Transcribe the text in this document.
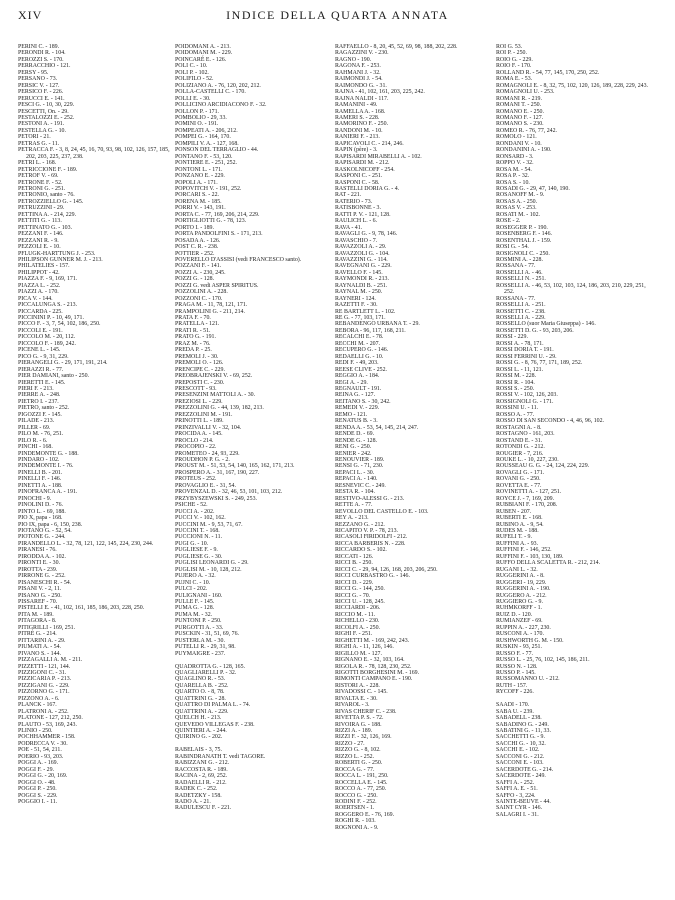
XIV	INDICE DELLA QUARTA ANNATA
PERINI C. - 189.
PERONDI R. - 104.
PEROZZI S. - 170.
PERRACCHIO - 121.
PERSY - 95.
PERSANO - 73.
PERSIC V. - 127.
PERSICO F. - 226.
PERUCCI E. - 141.
PESCI G. - 10, 30, 229.
PESCETTI, On. - 29.
PESTALOZZI E. - 252.
PESTONI A. - 191.
PESTELLA G. - 10.
PETORI - 21.
PETRAS G. - 11.
PETRACCA F. - 3, 8, 24, 45, 16, 70, 93, 98, 102, 126, 157, 185, 202, 203, 225, 237, 238.
PETRI L. - 168.
PETRICCIONE F. - 189.
PETROF V. - 69.
PETRONE F. - 52.
PETRONI G. - 251.
PETRONIO, santo - 76.
PETROZZIELLO G. - 145.
PETRUZZINI - 29.
PETTINA A. - 214, 229.
PETTITI G. - 113.
PETTINATO G. - 103.
PEZZANI F. - 146.
PEZZANI R. - 9.
PEZZOLI E. - 10.
PFLUGK-HARTTUNG J. - 253.
PHILIPSON GUNNER M. J. - 213.
PHILATELIES - 157.
PHILIPPOT - 42.
PIAZZA F. - 9, 169, 171.
PIAZZA L. - 252.
PIAZZI A. - 170.
PICA V. - 144.
PICCALUNGA S. - 213.
PICCARDA - 225.
PICCININI P. - 10, 49, 171.
PICCO F. - 3, 7, 54, 102, 186, 250.
PICCOLI E. - 191.
PICCOLO M. - 20, 112.
PICCOLO F. - 189, 242.
PICENE L. - 145.
PICO G. - 9, 31, 229.
PIERANGELI G. - 29, 171, 191, 214.
PIERAZZI R. - 77.
PIER DAMIANI, santo - 250.
PIERETTI E. - 145.
PIERI F. - 213.
PIERRE A. - 248.
PIETRO I. - 237.
PIETRO, santo - 252.
PIGOZZI F. - 145.
PILADE - 213.
PILLER - 69.
PILO M. - 76, 251.
PILO R. - 6.
PINCHI - 168.
PINDEMONTE G. - 188.
PINDARO - 102.
PINDEMONTE I. - 76.
PINELLI B. - 201.
PINELLI F. - 146.
PINETTI A. - 188.
PINOFRANCA A. - 191.
PINOCHI - 9.
PINOLINI D. - 76.
PINTO L. - 69, 188.
PIO X, papa - 168.
PIO IX, papa - 6, 150, 238.
PIOTANO G. - 52, 54.
PIOTONE G. - 244.
PIRANDELLO L. - 32, 78, 121, 122, 145, 224, 230, 244.
PIRANESI - 76.
PIRODDA A. - 102.
PIRONTI E. - 30.
PIROTTA - 239.
PIRRONE G. - 252.
PISANESCHI R. - 54.
PISANI V. - 2, 11.
PISANO G. - 250.
PISSAREF - 70.
PISTELLI E. - 41, 102, 161, 185, 186, 203, 228, 250.
PITA M. - 189.
PITAGORA - 8.
PITIGRILLI - 169, 251.
PITRÈ G. - 214.
PITTARINI A. - 29.
PIUMATI A. - 54.
PIVANO S. - 144.
PIZZAGALLI A. M. - 211.
PIZZETTI - 121, 144.
PIZZIGONI C. - 31.
PIZZICARIA P. - 213.
PIZZIGANI G. - 229.
PIZZORNO G. - 171.
PIZZONO A. - 6.
PLANCK - 167.
PLATRONI A. - 252.
PLATONE - 127, 212, 250.
PLAUTO - 53, 169, 243.
PLINIO - 250.
POCHHAMMER - 158.
PODRECCA V. - 30.
POE - 51, 54, 211.
POERIO - 93, 203.
POGGI A. - 169.
POGGI F. - 29.
POGGI G. - 20, 169.
POGGI O. - 48.
POGGI P. - 250.
POGGI S. - 229.
POGGIO I. - 11.
POIDOMANI A. - 213.
POIDOMANI M. - 229.
POINCARÉ E. - 126.
POLI C. - 10.
POLI P. - 102.
POLIFILO - 52.
POLIZIANO A. - 76, 120, 202, 212.
POLLA-CASTELLI C. - 170.
POLLI E. - 30.
POLLICINO ARCIDIACONO F. - 32.
POLLON P. - 171.
POMBOLIO - 29, 33.
POMINI O. - 191.
POMPEATI A. - 206, 212.
POMPEI G. - 164, 170.
POMPILI V. A. - 127, 168.
PONSON DEL TERRAGLIO - 44.
PONTANO F. - 53, 120.
PONTIERE E. - 251, 252.
PONTONI L. - 171.
PONZANO E. - 229.
POPOLI A. - 171.
POPOVITCH V. - 191, 252.
PORCARI S. - 22.
PORENA M. - 185.
PORRI V. - 143, 191.
PORTA C. - 77, 169, 206, 214, 229.
PORTIGLIOTTI G. - 78, 123.
PORTO I. - 189.
PORTA PANDOLFINI S. - 171, 213.
POSADA A. - 126.
POST C. R. - 238.
POTTIER - 252.
POVERELLO D'ASSISI (vedi FRANCESCO santo).
POZZANI F. - 141.
POZZI A. - 230, 245.
POZZI G. - 128.
POZZI G. vedi ASPER SPIRITUS.
POZZOLINI A. - 228.
POZZONI C. - 170.
PRAGA M. - 11, 78, 121, 171.
PRAMPOLINI G. - 211, 214.
PRATA F. - 70.
PRATELLA - 121.
PRATI R. - 51.
PRATO G. - 191.
PRAZ M. - 76.
PREDA P. - 25.
PREMOLI J. - 30.
PREMOLI O. - 126.
PRENCIPE C. - 229.
PREOBRAJENSKI V. - 69, 252.
PREPOSTI C. - 230.
PRESCOTT - 93.
PRESENZINI MATTOLI A. - 30.
PREZIOSI L. - 229.
PREZZOLINI G. - 44, 139, 182, 213.
PREZZOLINI M. - 191.
PRINOTTI L. - 189.
PRINZIVALLI V. - 32, 104.
PROCIDA A. - 145.
PROCLO - 214.
PROCOPIO - 22.
PROMETEO - 24, 93, 229.
PROUDHON P. G. - 2.
PROUST M. - 51, 53, 54, 140, 165, 162, 171, 213.
PROSPERO A. - 31, 167, 190, 227.
PROTEUS - 252.
PROVAGLIO E. - 31, 54.
PROVENZAL D. - 32, 46, 53, 101, 103, 212.
PRZYBYSZEWSKI S. - 249, 253.
PSICHE - 52.
PUCCI A. - 202.
PUCCI V. - 102, 162.
PUCCINI M. - 9, 53, 71, 67.
PUCCINI T. - 168.
PUCCIONI N. - 11.
PUGI G. - 10.
PUGLIESE F. - 9.
PUGLIESE G. - 30.
PUGLISI LEONARDI G. - 29.
PUGLISI M. - 10, 128, 212.
PUJERO A. - 32.
PUJNI C. - 10.
PULCI - 202.
PULIGNANI - 160.
PULLE F. - 145.
PUMA G. - 128.
PUMA M. - 32.
PUNTONI P. - 250.
PURGOTTI A. - 33.
PUSCKIN - 31, 51, 69, 76.
PUSTERLA M. - 30.
PUTELLI R. - 29, 31, 98.
PUYMAIGRE - 237.

QUADROTTA G. - 128, 165.
QUAGLIARELLI P. - 32.
QUAGLINO R. - 53.
QUARELLA B. - 252.
QUARTO O. - 8, 78.
QUATTRINI G. - 28.
QUATTRO DI PALMA L. - 74.
QUATTRINI A. - 229.
QUELCH H. - 213.
QUEVEDO VILLEGAS F. - 238.
QUINTIERI A. - 244.
QUIRINO G. - 202.

RABELAIS - 3, 75.
RABINDRANATH T. vedi TAGORE.
RABIZZANI G. - 212.
RACCOSTA R. - 189.
RACINA - 2, 69, 252.
RADAELLI R. - 212.
RADEK C. - 252.
RADETZKY - 158.
RADO A. - 21.
RADULESCU F. - 221.
RAFFAELLO - 8, 20, 45, 52, 69, 98, 188, 202, 228.
RAGAZZINI V. - 230.
RAGNO - 190.
RAGONA F. - 253.
RAHMANI J. - 32.
RAIMONDI J. - 54.
RAIMONDO G. - 31.
RAJNA - 41, 102, 161, 203, 225, 242.
RAJNA NALDI - 117.
RAMANINI - 49.
RAMELLA A. - 168.
RAMERI S. - 228.
RAMORINO F. - 250.
RANDONI M. - 10.
RANIERI F. - 213.
RAPICAVOLI C. - 214, 246.
RAPIN (père) - 3.
RAPISARDI MIRABELLI A. - 102.
RAPISARDI M. - 212.
RASKOLNICOFF - 254.
RASPONI C. - 251.
RASPONI C. - 58.
RASTELLI DORIA G. - 4.
RAT - 221.
RATERIO - 73.
RATISBONNE - 3.
RATTI P. V. - 121, 128.
RAULICH L. - 6.
RAVA - 41.
RAVAGLI G. - 9, 78, 146.
RAVASCHIO - 7.
RAVAZZOLI A. - 29.
RAVAZZOLI G. - 104.
RAVAZZINI G. - 114.
RAVEGNANI G. - 229.
RAVELLO F. - 145.
RAYMONDI R. - 213.
RAYNALDI B. - 251.
RAYNAL M. - 250.
RAYNERI - 124.
RAZETTI F. - 30.
RE BARTLETT L. - 102.
RE G. - 77, 103, 171.
REBANDENGO URBANA T. - 29.
REBORA - 96, 117, 168, 211.
RECALCHI E. - 78.
RECCHI M. - 207.
RECUPERO G. - 146.
REDAELLI G. - 10.
REDI F. - 49, 203.
REESE CLIVE - 252.
REGGIO A. - 184.
REGI A. - 29.
REGNAULT - 191.
REINA G. - 127.
REITANO S. - 30, 242.
REMEDI V. - 229.
REMO - 121.
RENATUS B. - 3.
RENDA A. - 53, 54, 145, 214, 247.
RENDE D. - 69.
RENDE G. - 128.
RENI G. - 250.
RENIER - 242.
RENOUVIER - 189.
RENSI G. - 71, 230.
REPACI L. - 30.
REPACI A. - 140.
RESNEVIC C. - 249.
RESTA R. - 104.
RESTIVO-ALESSI G. - 213.
RETTE A. - 77.
REVOLLO DEL CASTELLO E. - 103.
REY A. - 213.
REZZANO G. - 212.
RICAPITO V. P. - 78, 213.
RICASOLI FIRIDOLFI - 212.
RICCA BARBERIS N. - 228.
RICCARDO S. - 102.
RICCATI - 126.
RICCI B. - 250.
RICCI C. - 29, 94, 126, 168, 203, 206, 250.
RICCI CURBASTRO G. - 146.
RICCI D. - 229.
RICCI G. - 144, 250.
RICCI G. - 70.
RICCI U. - 128, 245.
RICCIARDI - 206.
RICCIO M. - 11.
RICHELLO - 230.
RICOLFI A. - 250.
RIGHI F. - 251.
RIGHETTI M. - 169, 242, 243.
RIGHI A. - 11, 126, 146.
RIGILLO M. - 127.
RIGNANO E. - 32, 103, 164.
RIGOLA R. - 78, 128, 230, 252.
RIGOTTI BORGHESINI M. - 169.
RIMONTI CAMPANO E. - 190.
RISTORI A. - 228.
RIVADOSSI C. - 145.
RIVALTA E. - 30.
RIVAROL - 3.
RIVAS CHERIF C. - 238.
RIVETTA P. S. - 72.
RIVOIRA G. - 188.
RIZZI A. - 189.
RIZZI F. - 32, 126, 169.
RIZZO - 27.
RIZZO G. - 8, 102.
RIZZO L. - 252.
ROBERTI G. - 250.
ROCCA G. - 77.
ROCCA L. - 191, 250.
ROCCELLA E. - 145.
ROCCO A. - 77, 250.
ROCCO G. - 250.
RODINI F. - 252.
ROERTSEN - 1.
ROGGERO E. - 76, 169.
ROGHI R. - 103.
ROGNONI A. - 9.
ROI G. 53.
ROI P. - 250.
ROIO G. - 229.
ROIO F. - 170.
ROLLAND R. - 54, 77, 145, 170, 250, 252.
ROMA E. - 53.
ROMAGNOLI E. - 8, 32, 75, 102, 120, 126, 189, 228, 229, 243.
ROMAGNOLI U. - 253.
ROMANI R. - 219.
ROMANI T. - 250.
ROMANO E. - 250.
ROMANO F. - 127.
ROMANO S. - 230.
ROMEO R. - 76, 77, 242.
ROMOLO - 121.
RONDANI V. - 10.
RONDANINI A. - 190.
RONSARD - 3.
ROPPO V. - 32.
ROSA M. - 54.
ROSA P. - 32.
ROSA S. - 10.
ROSADI G. - 29, 47, 140, 190.
ROSANOFF M. - 9.
ROSAS A. - 250.
ROSAS V. - 253.
ROSATI M. - 102.
ROSE - 2.
ROSEGGER P. - 190.
ROSENBERG F. - 146.
ROSENTHAL J. - 159.
ROSI G. - 54.
ROSIGNOLI C. - 250.
ROSMINI A. - 228.
ROSSANA - 77.
ROSSELLI A. - 46.
ROSSELLI N. - 251.
ROSSELLI A. - 46, 53, 102, 103, 124, 186, 203, 210, 229, 251, 252.
ROSSANA - 77.
ROSSELLI A. - 251.
ROSSETTI C. - 238.
ROSSELLI A. - 229.
ROSSELLO (suor Maria Giuseppa) - 146.
ROSSETTI D. G. - 93, 203, 206.
ROSSI - 229.
ROSSI A. - 78, 171.
ROSSI DORIA T. - 191.
ROSSI FERRINI U. - 29.
ROSSI G. - 8, 76, 77, 171, 189, 252.
ROSSI L. - 11, 121.
ROSSI M. - 228.
ROSSI R. - 104.
ROSSI S. - 250.
ROSSI V. - 102, 126, 203.
ROSSIGNOLI G. - 171.
ROSSINI U. - 11.
ROSSO A. - 77.
ROSSO DI SAN SECONDO - 4, 46, 96, 102.
ROSTAGNI A. - 8.
ROSTAGNO - 161, 203.
ROSTAND E. - 31.
ROTONDI G. - 212.
ROUGIER - 7, 216.
ROUKE L. - 10, 227, 230.
ROUSSEAU G. G. - 24, 124, 224, 229.
ROVAGLI G. - 171.
ROVANI G. - 250.
ROVETTA E. - 77.
ROVINETTI A. - 127, 251.
ROYCE J. - 7, 169, 209.
RUBBIANI F. - 170, 208.
RUBEN - 207.
RUBERTI E. - 168.
RUBINO A. - 9, 54.
RUDES M. - 188.
RUFELI T. - 9.
RUFFINI A. - 93.
RUFFINI F. - 146, 252.
RUFFINI F. - 103, 130, 189.
RUFFO DELLA SCALETTA R. - 212, 214.
RUGANI L. - 32.
RUGGERINI A. - 8.
RUGGERI - 19, 229.
RUGGERINI A. - 190.
RUGGERO A. - 212.
RUGGIERO G. - 9.
RUHMKORFF - 1.
RUIZ D. - 120.
RUMIANZEF - 69.
RUPPIN A. - 227, 230.
RUSCONI A. - 170.
RUSHWORTH G. M. - 150.
RUSKIN - 93, 251.
RUSSO F. - 77.
RUSSO L. - 25, 76, 102, 145, 186, 211.
RUSSO N. - 128.
RUSSO P. - 145.
RUSSOMANNO U. - 212.
RUTH - 157.
RYCOFF - 226.

SAADI - 170.
SABA U. - 239.
SABADELL - 238.
SABADINO G. - 249.
SABATINI G. - 11, 33.
SACCHETTI G. - 9.
SACCHI G. - 10, 32.
SACCHI E. - 102.
SACCONI G. - 212.
SACCONI E. - 103.
SACERDOTE G. - 214.
SACERDOTE - 249.
SAFFI A. - 252.
SAFFI A. E. - 51.
SAFFO - 3, 224.
SAINTE-BEUVE - 44.
SAINT CYR - 146.
SALAGRI I. - 31.
